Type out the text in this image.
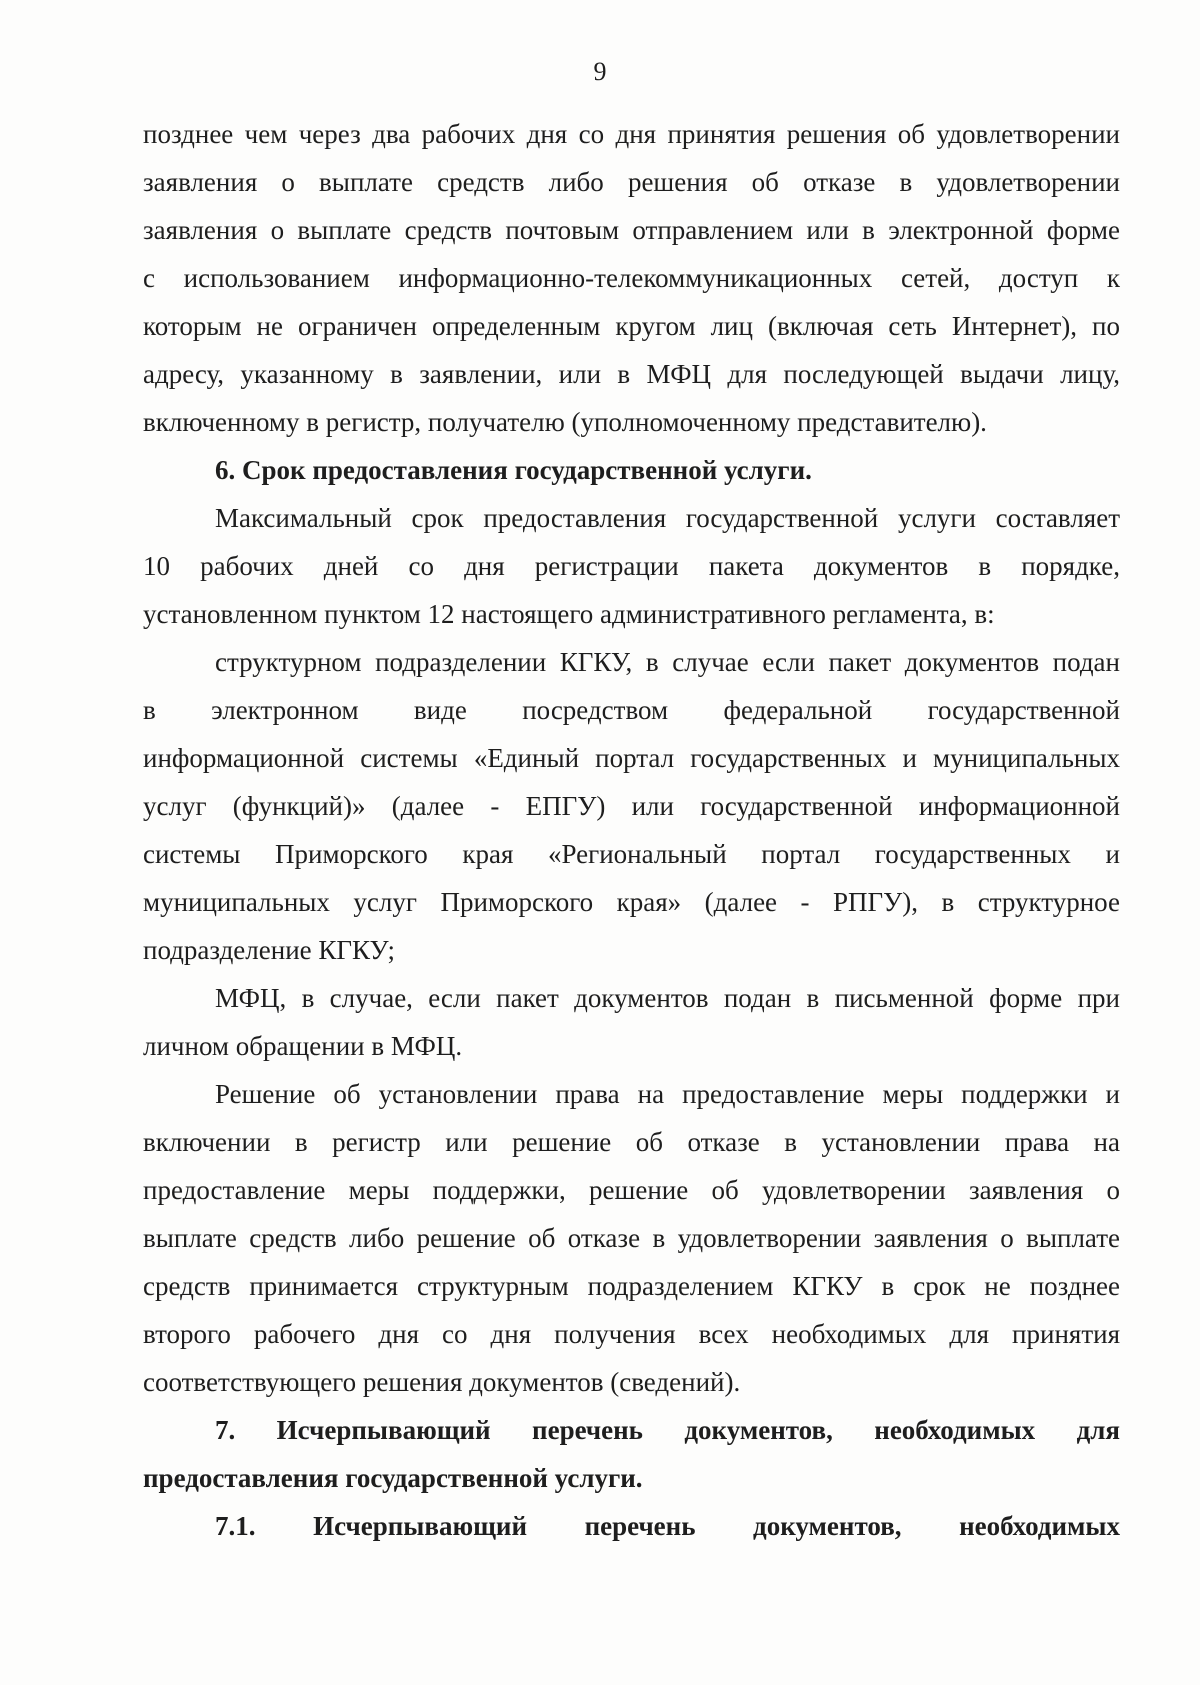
9
позднее чем через два рабочих дня со дня принятия решения об удовлетворении
заявления о выплате средств либо решения об отказе в удовлетворении
заявления о выплате средств почтовым отправлением или в электронной форме
с использованием информационно-телекоммуникационных сетей, доступ к
которым не ограничен определенным кругом лиц (включая сеть Интернет), по
адресу, указанному в заявлении, или в МФЦ для последующей выдачи лицу,
включенному в регистр, получателю (уполномоченному представителю).
6. Срок предоставления государственной услуги.
Максимальный срок предоставления государственной услуги составляет
10 рабочих дней со дня регистрации пакета документов в порядке,
установленном пунктом 12 настоящего административного регламента, в:
структурном подразделении КГКУ, в случае если пакет документов подан
в электронном виде посредством федеральной государственной
информационной системы «Единый портал государственных и муниципальных
услуг (функций)» (далее - ЕПГУ) или государственной информационной
системы Приморского края «Региональный портал государственных и
муниципальных услуг Приморского края» (далее - РПГУ), в структурное
подразделение КГКУ;
МФЦ, в случае, если пакет документов подан в письменной форме при
личном обращении в МФЦ.
Решение об установлении права на предоставление меры поддержки и
включении в регистр или решение об отказе в установлении права на
предоставление меры поддержки, решение об удовлетворении заявления о
выплате средств либо решение об отказе в удовлетворении заявления о выплате
средств принимается структурным подразделением КГКУ в срок не позднее
второго рабочего дня со дня получения всех необходимых для принятия
соответствующего решения документов (сведений).
7. Исчерпывающий перечень документов, необходимых для
предоставления государственной услуги.
7.1. Исчерпывающий перечень документов, необходимых
